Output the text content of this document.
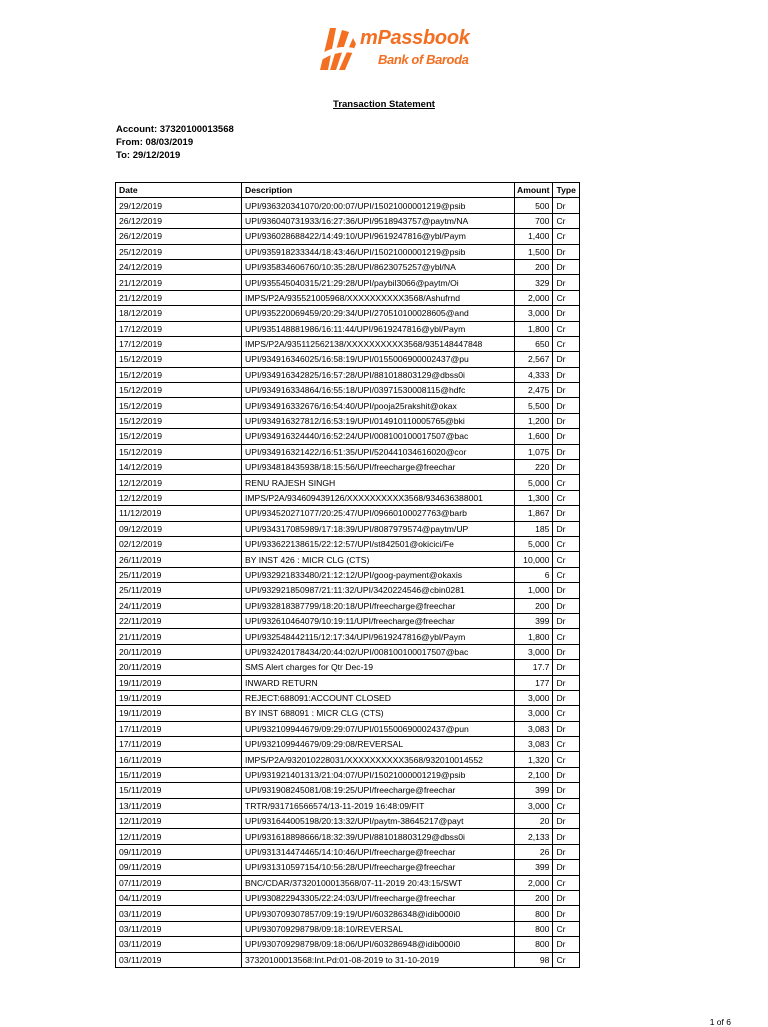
mPassbook
Bank of Baroda
Transaction Statement
Account: 37320100013568
From: 08/03/2019
To: 29/12/2019
Date	Description	Amount	Type
29/12/2019	UPI/936320341070/20:00:07/UPI/15021000001219@psib	500	Dr
26/12/2019	UPI/936040731933/16:27:36/UPI/9518943757@paytm/NA	700	Cr
26/12/2019	UPI/936028688422/14:49:10/UPI/9619247816@ybl/Paym	1,400	Cr
25/12/2019	UPI/935918233344/18:43:46/UPI/15021000001219@psib	1,500	Dr
24/12/2019	UPI/935834606760/10:35:28/UPI/8623075257@ybl/NA	200	Dr
21/12/2019	UPI/935545040315/21:29:28/UPI/paybil3066@paytm/Oi	329	Dr
21/12/2019	IMPS/P2A/935521005968/XXXXXXXXXX3568/Ashufrnd	2,000	Cr
18/12/2019	UPI/935220069459/20:29:34/UPI/270510100028605@and	3,000	Dr
17/12/2019	UPI/935148881986/16:11:44/UPI/9619247816@ybl/Paym	1,800	Cr
17/12/2019	IMPS/P2A/935112562138/XXXXXXXXXX3568/935148447848	650	Cr
15/12/2019	UPI/934916346025/16:58:19/UPI/0155006900002437@pu	2,567	Dr
15/12/2019	UPI/934916342825/16:57:28/UPI/881018803129@dbss0i	4,333	Dr
15/12/2019	UPI/934916334864/16:55:18/UPI/03971530008115@hdfc	2,475	Dr
15/12/2019	UPI/934916332676/16:54:40/UPI/pooja25rakshit@okax	5,500	Dr
15/12/2019	UPI/934916327812/16:53:19/UPI/014910110005765@bki	1,200	Dr
15/12/2019	UPI/934916324440/16:52:24/UPI/008100100017507@bac	1,600	Dr
15/12/2019	UPI/934916321422/16:51:35/UPI/520441034616020@cor	1,075	Dr
14/12/2019	UPI/934818435938/18:15:56/UPI/freecharge@freechar	220	Dr
12/12/2019	RENU RAJESH SINGH	5,000	Cr
12/12/2019	IMPS/P2A/934609439126/XXXXXXXXXX3568/934636388001	1,300	Cr
11/12/2019	UPI/934520271077/20:25:47/UPI/09660100027763@barb	1,867	Dr
09/12/2019	UPI/934317085989/17:18:39/UPI/8087979574@paytm/UP	185	Dr
02/12/2019	UPI/933622138615/22:12:57/UPI/st842501@okicici/Fe	5,000	Cr
26/11/2019	BY INST 426 : MICR CLG (CTS)	10,000	Cr
25/11/2019	UPI/932921833480/21:12:12/UPI/goog-payment@okaxis	6	Cr
25/11/2019	UPI/932921850987/21:11:32/UPI/3420224546@cbin0281	1,000	Dr
24/11/2019	UPI/932818387799/18:20:18/UPI/freecharge@freechar	200	Dr
22/11/2019	UPI/932610464079/10:19:11/UPI/freecharge@freechar	399	Dr
21/11/2019	UPI/932548442115/12:17:34/UPI/9619247816@ybl/Paym	1,800	Cr
20/11/2019	UPI/932420178434/20:44:02/UPI/008100100017507@bac	3,000	Dr
20/11/2019	SMS Alert charges for Qtr Dec-19	17.7	Dr
19/11/2019	INWARD RETURN	177	Dr
19/11/2019	REJECT:688091:ACCOUNT CLOSED	3,000	Dr
19/11/2019	BY INST 688091 : MICR CLG (CTS)	3,000	Cr
17/11/2019	UPI/932109944679/09:29:07/UPI/015500690002437@pun	3,083	Dr
17/11/2019	UPI/932109944679/09:29:08/REVERSAL	3,083	Cr
16/11/2019	IMPS/P2A/932010228031/XXXXXXXXXX3568/932010014552	1,320	Cr
15/11/2019	UPI/931921401313/21:04:07/UPI/15021000001219@psib	2,100	Dr
15/11/2019	UPI/931908245081/08:19:25/UPI/freecharge@freechar	399	Dr
13/11/2019	TRTR/931716566574/13-11-2019 16:48:09/FIT	3,000	Cr
12/11/2019	UPI/931644005198/20:13:32/UPI/paytm-38645217@payt	20	Dr
12/11/2019	UPI/931618898666/18:32:39/UPI/881018803129@dbss0i	2,133	Dr
09/11/2019	UPI/931314474465/14:10:46/UPI/freecharge@freechar	26	Dr
09/11/2019	UPI/931310597154/10:56:28/UPI/freecharge@freechar	399	Dr
07/11/2019	BNC/CDAR/37320100013568/07-11-2019 20:43:15/SWT	2,000	Cr
04/11/2019	UPI/930822943305/22:24:03/UPI/freecharge@freechar	200	Dr
03/11/2019	UPI/930709307857/09:19:19/UPI/603286348@idib000i0	800	Dr
03/11/2019	UPI/930709298798/09:18:10/REVERSAL	800	Cr
03/11/2019	UPI/930709298798/09:18:06/UPI/603286948@idib000i0	800	Dr
03/11/2019	37320100013568:Int.Pd:01-08-2019 to 31-10-2019	98	Cr
1 of 6
